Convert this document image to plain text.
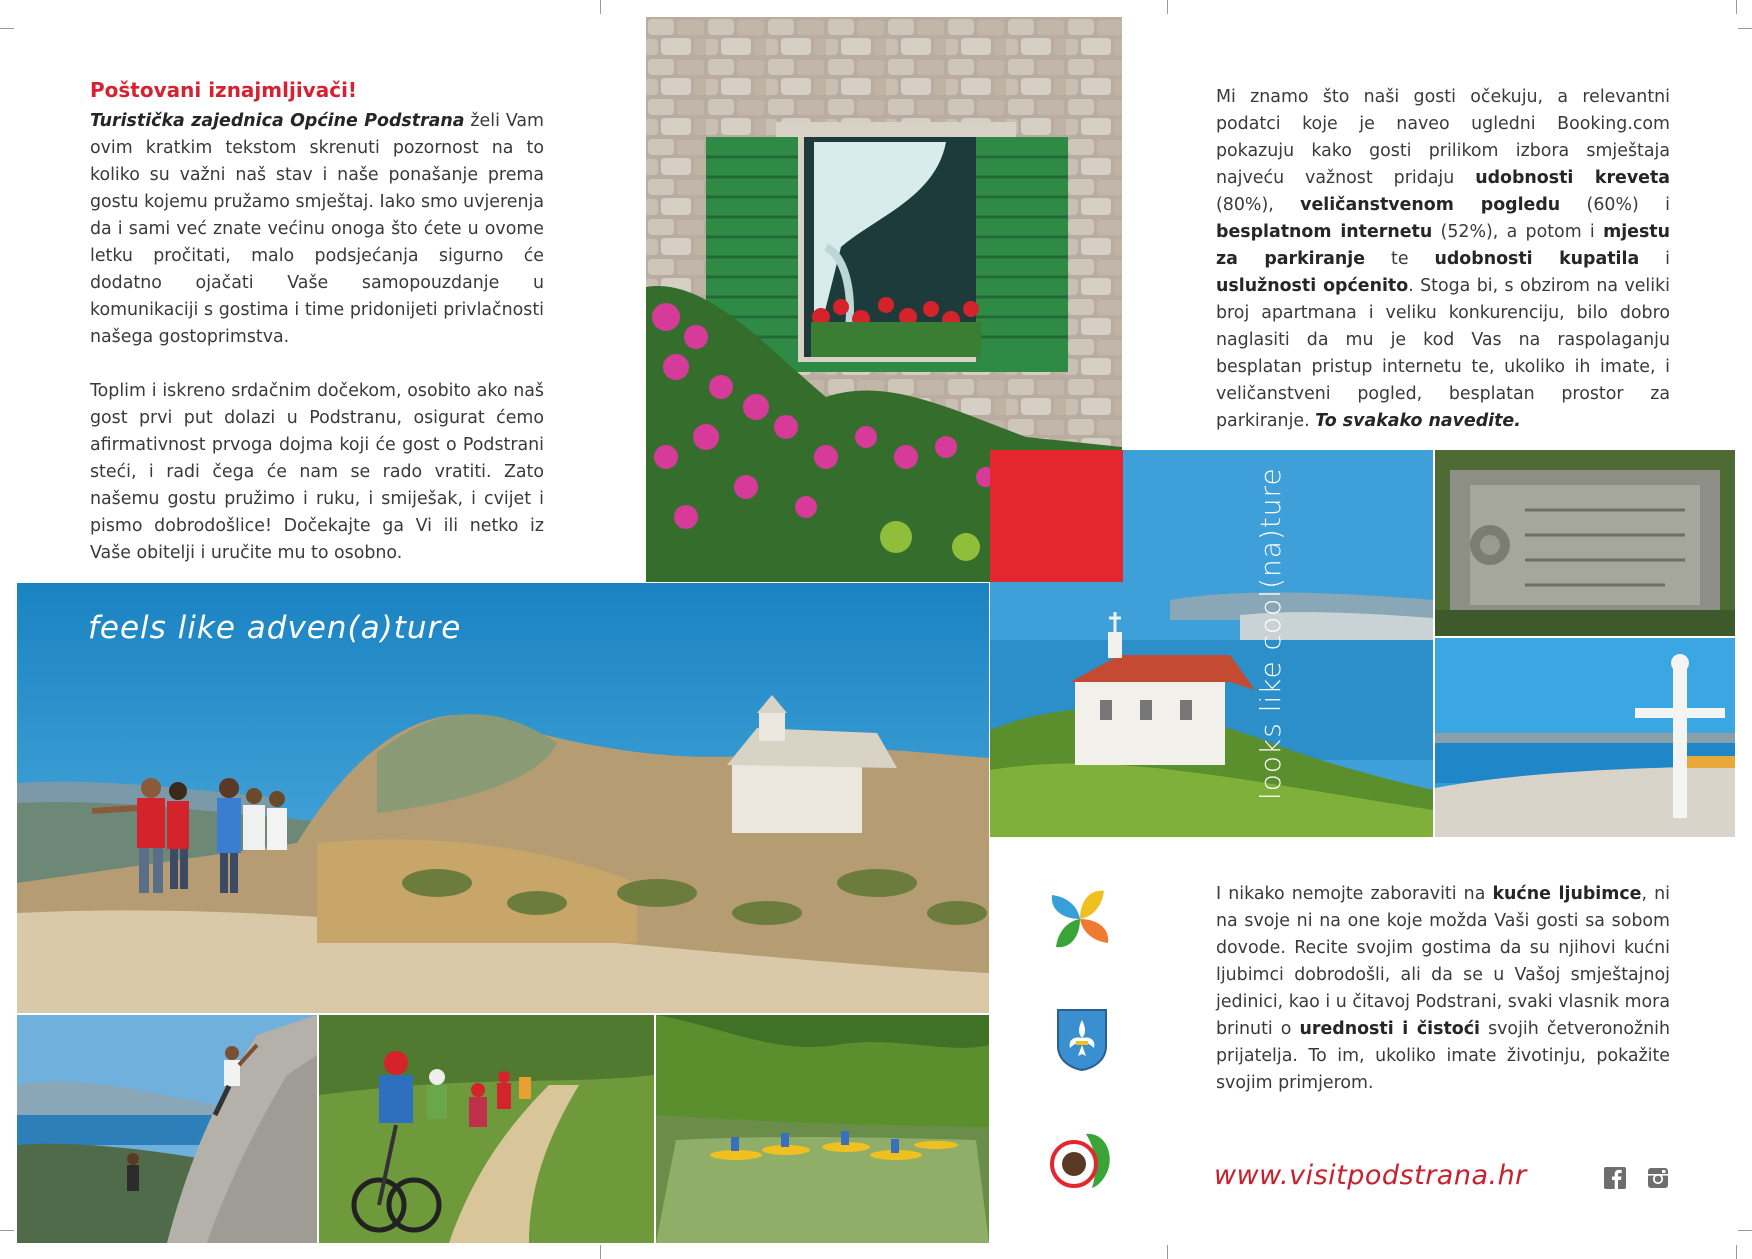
Poštovani iznajmljivači!

Turistička zajednica Općine Podstrana želi Vam ovim kratkim tekstom skrenuti pozornost na to koliko su važni naš stav i naše ponašanje prema gostu kojemu pružamo smještaj. Iako smo uvjerenja da i sami već znate većinu onoga što ćete u ovome letku pročitati, malo podsjećanja sigurno će dodatno ojačati Vaše samopouzdanje u komunikaciji s gostima i time pridonijeti privlačnosti našega gostoprimstva.

Toplim i iskreno srdačnim dočekom, osobito ako naš gost prvi put dolazi u Podstranu, osigurat ćemo afirmativnost prvoga dojma koji će gost o Podstrani steći, i radi čega će nam se rado vratiti. Zato našemu gostu pružimo i ruku, i smiješak, i cvijet i pismo dobrodošlice! Dočekajte ga Vi ili netko iz Vaše obitelji i uručite mu to osobno.

Mi znamo što naši gosti očekuju, a relevantni podatci koje je naveo ugledni Booking.com pokazuju kako gosti prilikom izbora smještaja najveću važnost pridaju udobnosti kreveta (80%), veličanstvenom pogledu (60%) i besplatnom internetu (52%), a potom i mjestu za parkiranje te udobnosti kupatila i uslužnosti općenito. Stoga bi, s obzirom na veliki broj apartmana i veliku konkurenciju, bilo dobro naglasiti da mu je kod Vas na raspolaganju besplatan pristup internetu te, ukoliko ih imate, i veličanstveni pogled, besplatan prostor za parkiranje. To svakako navedite.
looks like cool(na)ture
feels like adven(a)ture
I nikako nemojte zaboraviti na kućne ljubimce, ni na svoje ni na one koje možda Vaši gosti sa sobom dovode. Recite svojim gostima da su njihovi kućni ljubimci dobrodošli, ali da se u Vašoj smještajnoj jedinici, kao i u čitavoj Podstrani, svaki vlasnik mora brinuti o urednosti i čistoći svojih četveronožnih prijatelja. To im, ukoliko imate životinju, pokažite svojim primjerom.
www.visitpodstrana.hr
